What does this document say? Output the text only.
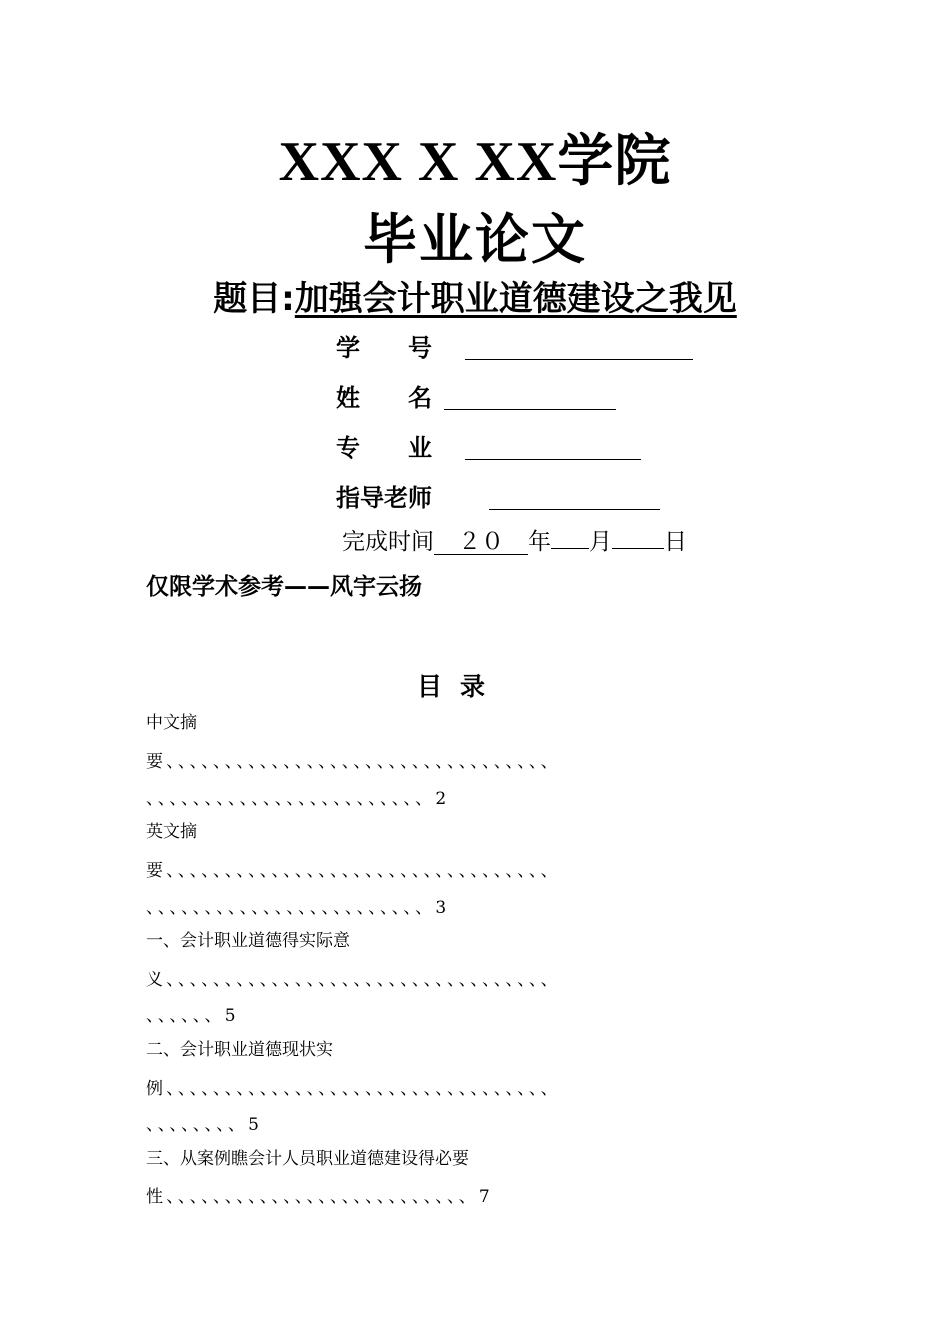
XXX X XX学院
毕业论文
题目:加强会计职业道德建设之我见
学　　号
姓　　名
专　　业
指导老师
完成时间 ２０ 年 月 日
仅限学术参考——风宇云扬
目录
中文摘
要、、、、、、、、、、、、、、、、、、、、、、、、、、、、、、、、、
、、、、、、、、、、、、、、、、、、、、、、、、2
英文摘
要、、、、、、、、、、、、、、、、、、、、、、、、、、、、、、、、、
、、、、、、、、、、、、、、、、、、、、、、、、3
一、会计职业道德得实际意
义、、、、、、、、、、、、、、、、、、、、、、、、、、、、、、、、、
、、、、、、5
二、会计职业道德现状实
例、、、、、、、、、、、、、、、、、、、、、、、、、、、、、、、、、
、、、、、、、、5
三、从案例瞧会计人员职业道德建设得必要
性、、、、、、、、、、、、、、、、、、、、、、、、、、7
